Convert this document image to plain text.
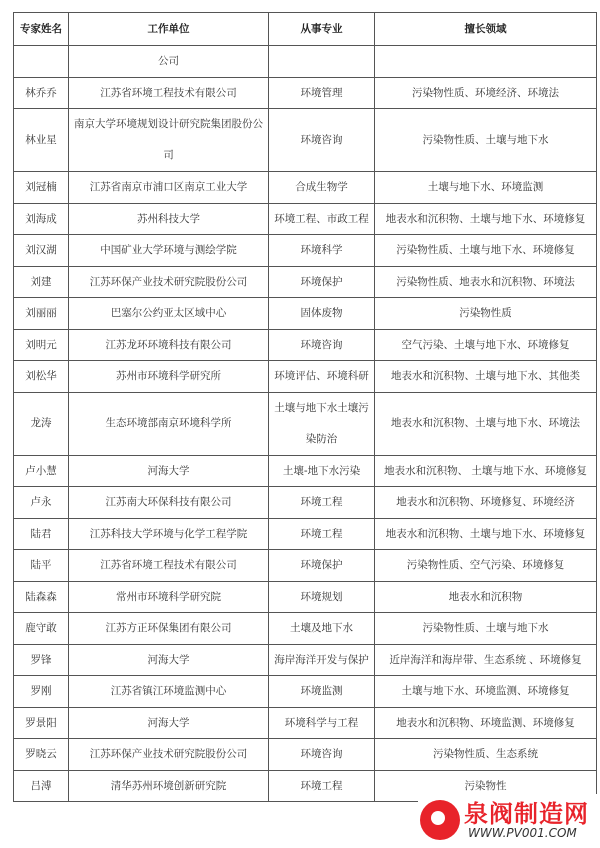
专家姓名	工作单位	从事专业	擅长领域
	公司		
林乔乔	江苏省环境工程技术有限公司	环境管理	污染物性质、环境经济、环境法
林业星	南京大学环境规划设计研究院集团股份公司	环境咨询	污染物性质、土壤与地下水
刘冠楠	江苏省南京市浦口区南京工业大学	合成生物学	土壤与地下水、环境监测
刘海成	苏州科技大学	环境工程、市政工程	地表水和沉积物、土壤与地下水、环境修复
刘汉湖	中国矿业大学环境与测绘学院	环境科学	污染物性质、土壤与地下水、环境修复
刘建	江苏环保产业技术研究院股份公司	环境保护	污染物性质、地表水和沉积物、环境法
刘丽丽	巴塞尔公约亚太区域中心	固体废物	污染物性质
刘明元	江苏龙环环境科技有限公司	环境咨询	空气污染、土壤与地下水、环境修复
刘松华	苏州市环境科学研究所	环境评估、环境科研	地表水和沉积物、土壤与地下水、其他类
龙涛	生态环境部南京环境科学所	土壤与地下水土壤污染防治	地表水和沉积物、土壤与地下水、环境法
卢小慧	河海大学	土壤-地下水污染	地表水和沉积物、 土壤与地下水、环境修复
卢永	江苏南大环保科技有限公司	环境工程	地表水和沉积物、环境修复、环境经济
陆君	江苏科技大学环境与化学工程学院	环境工程	地表水和沉积物、土壤与地下水、环境修复
陆平	江苏省环境工程技术有限公司	环境保护	污染物性质、空气污染、环境修复
陆森森	常州市环境科学研究院	环境规划	地表水和沉积物
鹿守敢	江苏方正环保集团有限公司	土壤及地下水	污染物性质、土壤与地下水
罗锋	河海大学	海岸海洋开发与保护	近岸海洋和海岸带、生态系统 、环境修复
罗刚	江苏省镇江环境监测中心	环境监测	土壤与地下水、环境监测、环境修复
罗景阳	河海大学	环境科学与工程	地表水和沉积物、环境监测、环境修复
罗晓云	江苏环保产业技术研究院股份公司	环境咨询	污染物性质、生态系统
吕溥	清华苏州环境创新研究院	环境工程	污染物性
泉阀制造网
WWW.PV001.COM
